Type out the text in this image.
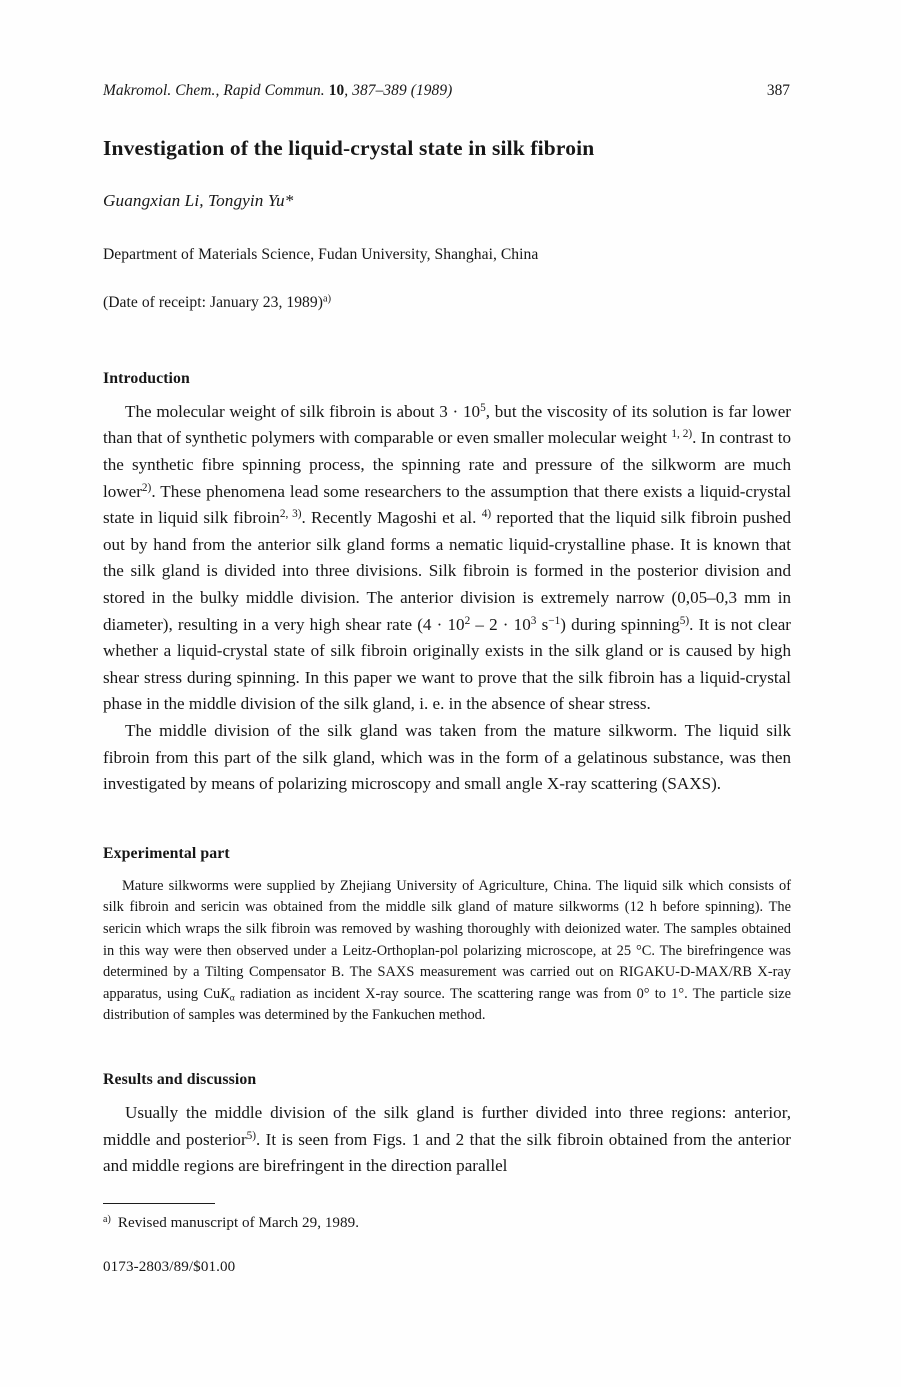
Makromol. Chem., Rapid Commun. 10, 387–389 (1989)	387
Investigation of the liquid-crystal state in silk fibroin
Guangxian Li, Tongyin Yu*
Department of Materials Science, Fudan University, Shanghai, China
(Date of receipt: January 23, 1989)$^{a)}$
Introduction

The molecular weight of silk fibroin is about $3 \cdot 10^5$, but the viscosity of its solution is far lower than that of synthetic polymers with comparable or even smaller molecular weight $^{1, 2)}$. In contrast to the synthetic fibre spinning process, the spinning rate and pressure of the silkworm are much lower$^{2)}$. These phenomena lead some researchers to the assumption that there exists a liquid-crystal state in liquid silk fibroin$^{2, 3)}$. Recently Magoshi et al. $^{4)}$ reported that the liquid silk fibroin pushed out by hand from the anterior silk gland forms a nematic liquid-crystalline phase. It is known that the silk gland is divided into three divisions. Silk fibroin is formed in the posterior division and stored in the bulky middle division. The anterior division is extremely narrow (0,05–0,3 mm in diameter), resulting in a very high shear rate ($4 \cdot 10^2 - 2 \cdot 10^3$ $s^{-1}$) during spinning$^{5)}$. It is not clear whether a liquid-crystal state of silk fibroin originally exists in the silk gland or is caused by high shear stress during spinning. In this paper we want to prove that the silk fibroin has a liquid-crystal phase in the middle division of the silk gland, i. e. in the absence of shear stress.

The middle division of the silk gland was taken from the mature silkworm. The liquid silk fibroin from this part of the silk gland, which was in the form of a gelatinous substance, was then investigated by means of polarizing microscopy and small angle X-ray scattering (SAXS).

Experimental part

Mature silkworms were supplied by Zhejiang University of Agriculture, China. The liquid silk which consists of silk fibroin and sericin was obtained from the middle silk gland of mature silkworms (12 h before spinning). The sericin which wraps the silk fibroin was removed by washing thoroughly with deionized water. The samples obtained in this way were then observed under a Leitz-Orthoplan-pol polarizing microscope, at 25 °C. The birefringence was determined by a Tilting Compensator B. The SAXS measurement was carried out on RIGAKU-D-MAX/RB X-ray apparatus, using CuK$_\alpha$ radiation as incident X-ray source. The scattering range was from 0° to 1°. The particle size distribution of samples was determined by the Fankuchen method.

Results and discussion

Usually the middle division of the silk gland is further divided into three regions: anterior, middle and posterior$^{5)}$. It is seen from Figs. 1 and 2 that the silk fibroin obtained from the anterior and middle regions are birefringent in the direction parallel

$^{a)}$ Revised manuscript of March 29, 1989.
0173-2803/89/$01.00
